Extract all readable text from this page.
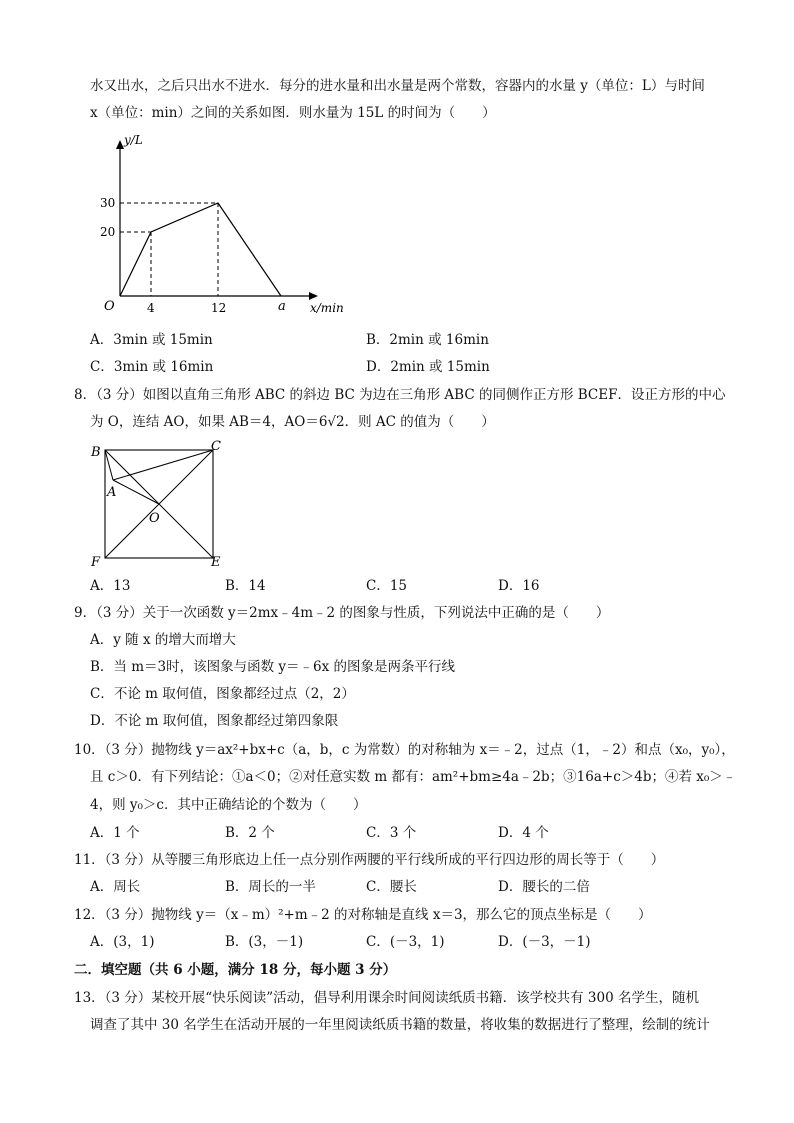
水又出水，之后只出水不进水．每分的进水量和出水量是两个常数，容器内的水量 y（单位：L）与时间
x（单位：min）之间的关系如图．则水量为 15L 的时间为（　　）
y/L
30
20
O	4	12	a x/min
A．3min 或 15min	B．2min 或 16min
C．3min 或 16min	D．2min 或 15min
8．（3 分）如图以直角三角形 ABC 的斜边 BC 为边在三角形 ABC 的同侧作正方形 BCEF．设正方形的中心
为 O，连结 AO，如果 AB＝4，AO＝6√2．则 AC 的值为（　　）
B	C
A
O
F	E
A．13	B．14	C．15	D．16
9．（3 分）关于一次函数 y＝2mx﹣4m﹣2 的图象与性质，下列说法中正确的是（　　）
A．y 随 x 的增大而增大
B．当 m＝3时，该图象与函数 y＝﹣6x 的图象是两条平行线
C．不论 m 取何值，图象都经过点（2，2）
D．不论 m 取何值，图象都经过第四象限
10．（3 分）抛物线 y＝ax²+bx+c（a，b，c 为常数）的对称轴为 x＝﹣2，过点（1，﹣2）和点（x₀，y₀），
且 c＞0．有下列结论：①a＜0；②对任意实数 m 都有：am²+bm≥4a﹣2b；③16a+c＞4b；④若 x₀＞﹣
4，则 y₀＞c．其中正确结论的个数为（　　）
A．1 个	B．2 个	C．3 个	D．4 个
11．（3 分）从等腰三角形底边上任一点分别作两腰的平行线所成的平行四边形的周长等于（　　）
A．周长	B．周长的一半	C．腰长	D．腰长的二倍
12．（3 分）抛物线 y＝（x﹣m）²+m﹣2 的对称轴是直线 x＝3，那么它的顶点坐标是（　　）
A．(3，1)	B．(3，－1)	C．(－3，1)	D．(－3，－1)
二．填空题（共 6 小题，满分 18 分，每小题 3 分）
13．（3 分）某校开展“快乐阅读”活动，倡导利用课余时间阅读纸质书籍．该学校共有 300 名学生，随机
调查了其中 30 名学生在活动开展的一年里阅读纸质书籍的数量，将收集的数据进行了整理，绘制的统计
